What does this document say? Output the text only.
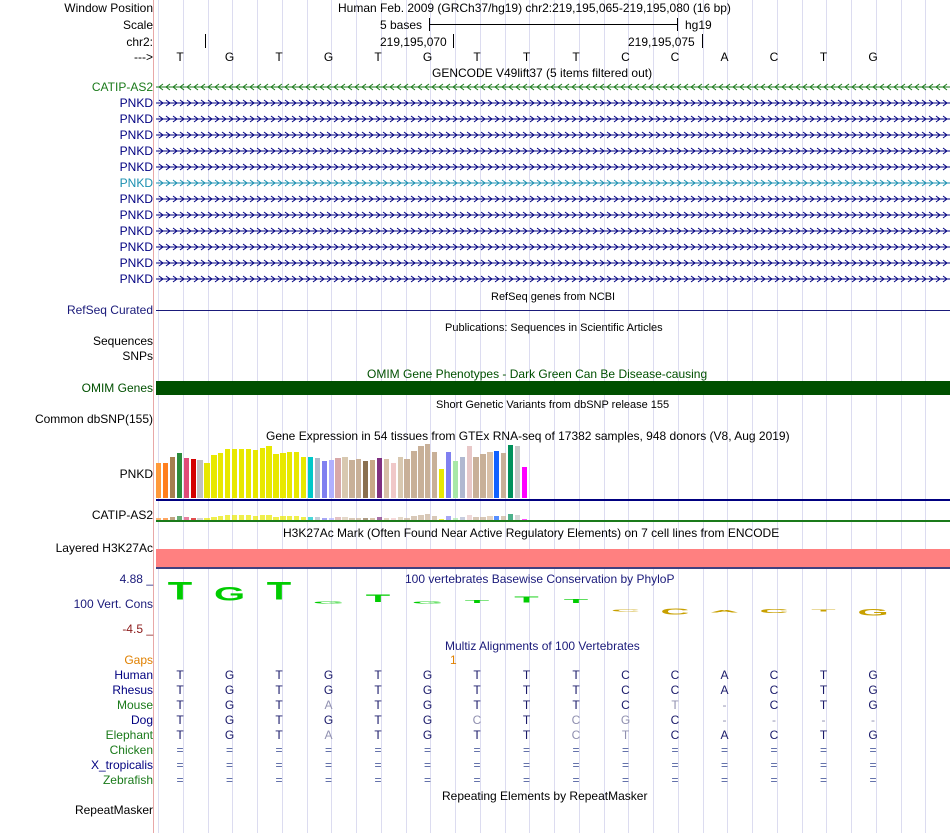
Window Position
Scale
chr2:
--->
Human Feb. 2009 (GRCh37/hg19) chr2:219,195,065-219,195,080 (16 bp)
5 bases	hg19
219,195,070	219,195,075
T	G	T	G	T	G	T	T	T	C	C	A	C	T	G
GENCODE V49lift37 (5 items filtered out)
CATIP-AS2
PNKD
PNKD
PNKD
PNKD
PNKD
PNKD
PNKD
PNKD
PNKD
PNKD
PNKD
PNKD
RefSeq genes from NCBI
RefSeq Curated
Publications: Sequences in Scientific Articles
Sequences
SNPs
OMIM Gene Phenotypes - Dark Green Can Be Disease-causing
OMIM Genes
Short Genetic Variants from dbSNP release 155
Common dbSNP(155)
Gene Expression in 54 tissues from GTEx RNA-seq of 17382 samples, 948 donors (V8, Aug 2019)
PNKD
CATIP-AS2
H3K27Ac Mark (Often Found Near Active Regulatory Elements) on 7 cell lines from ENCODE
Layered H3K27Ac
100 vertebrates Basewise Conservation by PhyloP
4.88 _
100 Vert. Cons
-4.5 _
T G T G T G T T T
C C A C T G
Multiz Alignments of 100 Vertebrates
Gaps	1
Human	T	G	T	G	T	G	T	T	T	C	C	A	C	T	G
Rhesus	T	G	T	G	T	G	T	T	T	C	C	A	C	T	G
Mouse	T	G	T	A	T	G	T	T	T	C	T	-	C	T	G
Dog	T	G	T	G	T	G	C	T	C	G	C	-	-	-	-
Elephant	T	G	T	A	T	G	T	T	C	T	C	A	C	T	G
Chicken	=	=	=	=	=	=	=	=	=	=	=	=	=	=	=
X_tropicalis	=	=	=	=	=	=	=	=	=	=	=	=	=	=	=
Zebrafish	=	=	=	=	=	=	=	=	=	=	=	=	=	=	=
Repeating Elements by RepeatMasker
RepeatMasker
